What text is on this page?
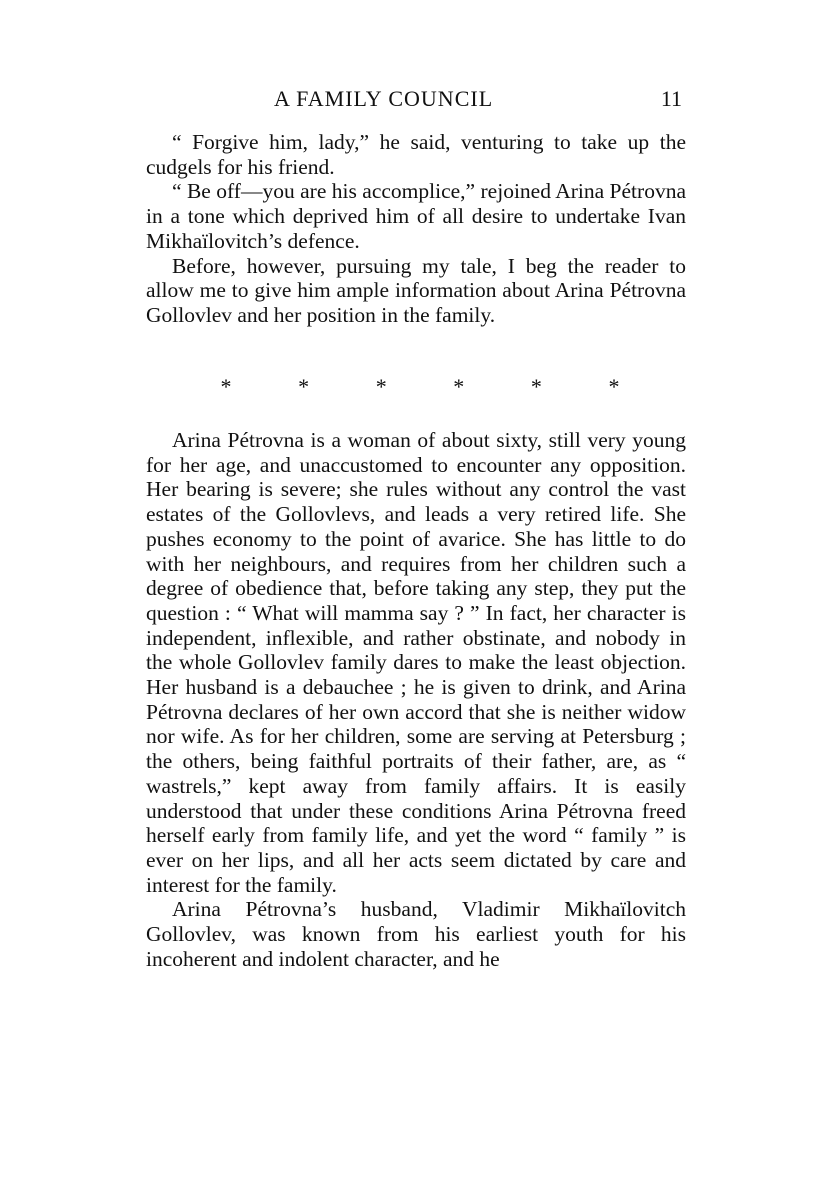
A FAMILY COUNCIL	11

“ Forgive him, lady,” he said, venturing to take up the cudgels for his friend.

“ Be off—you are his accomplice,” rejoined Arina Pétrovna in a tone which deprived him of all desire to undertake Ivan Mikhaïlovitch’s defence.

Before, however, pursuing my tale, I beg the reader to allow me to give him ample information about Arina Pétrovna Gollovlev and her position in the family.

*	*	*	*	*	*

Arina Pétrovna is a woman of about sixty, still very young for her age, and unaccustomed to encounter any opposition. Her bearing is severe; she rules without any control the vast estates of the Gollovlevs, and leads a very retired life. She pushes economy to the point of avarice. She has little to do with her neighbours, and requires from her children such a degree of obedience that, before taking any step, they put the question : “ What will mamma say ? ” In fact, her character is independent, inflexible, and rather obstinate, and nobody in the whole Gollovlev family dares to make the least objection. Her husband is a debauchee ; he is given to drink, and Arina Pétrovna declares of her own accord that she is neither widow nor wife. As for her children, some are serving at Petersburg ; the others, being faithful portraits of their father, are, as “ wastrels,” kept away from family affairs. It is easily understood that under these conditions Arina Pétrovna freed herself early from family life, and yet the word “ family ” is ever on her lips, and all her acts seem dictated by care and interest for the family.

Arina Pétrovna’s husband, Vladimir Mikhaïlovitch Gollovlev, was known from his earliest youth for his incoherent and indolent character, and he
